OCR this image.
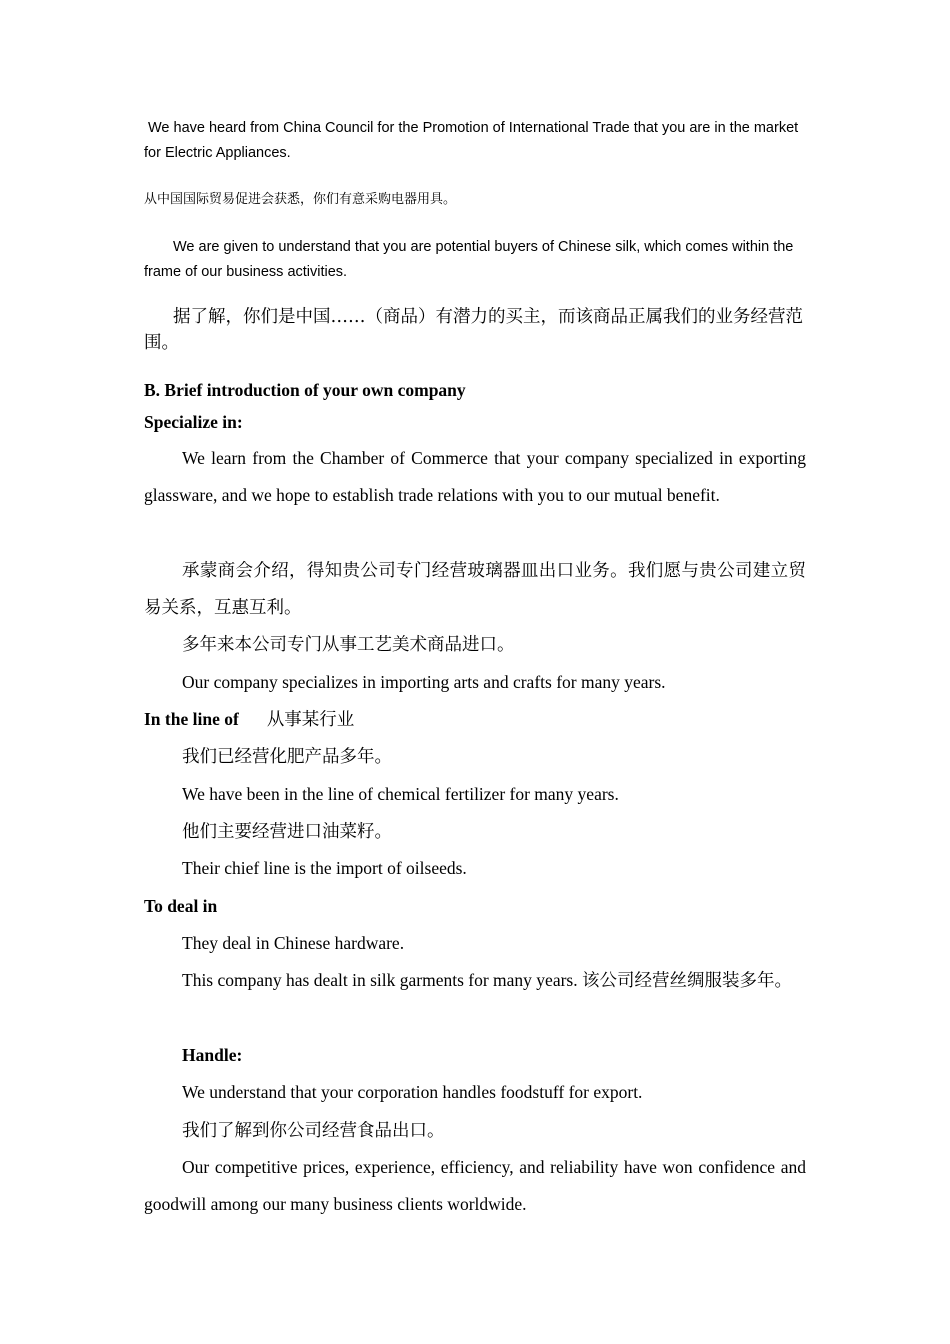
We have heard from China Council for the Promotion of International Trade that you are in the market for Electric Appliances.

从中国国际贸易促进会获悉，你们有意采购电器用具。

We are given to understand that you are potential buyers of Chinese silk, which comes within the frame of our business activities.

据了解，你们是中国……（商品）有潜力的买主，而该商品正属我们的业务经营范围。

B. Brief introduction of your own company

Specialize in:

We learn from the Chamber of Commerce that your company specialized in exporting glassware, and we hope to establish trade relations with you to our mutual benefit.

承蒙商会介绍，得知贵公司专门经营玻璃器皿出口业务。我们愿与贵公司建立贸易关系，互惠互利。

多年来本公司专门从事工艺美术商品进口。

Our company specializes in importing arts and crafts for many years.

In the line of 从事某行业

我们已经营化肥产品多年。

We have been in the line of chemical fertilizer for many years.

他们主要经营进口油菜籽。

Their chief line is the import of oilseeds.

To deal in

They deal in Chinese hardware.

This company has dealt in silk garments for many years. 该公司经营丝绸服装多年。

Handle:

We understand that your corporation handles foodstuff for export.

我们了解到你公司经营食品出口。

Our competitive prices, experience, efficiency, and reliability have won confidence and goodwill among our many business clients worldwide.
